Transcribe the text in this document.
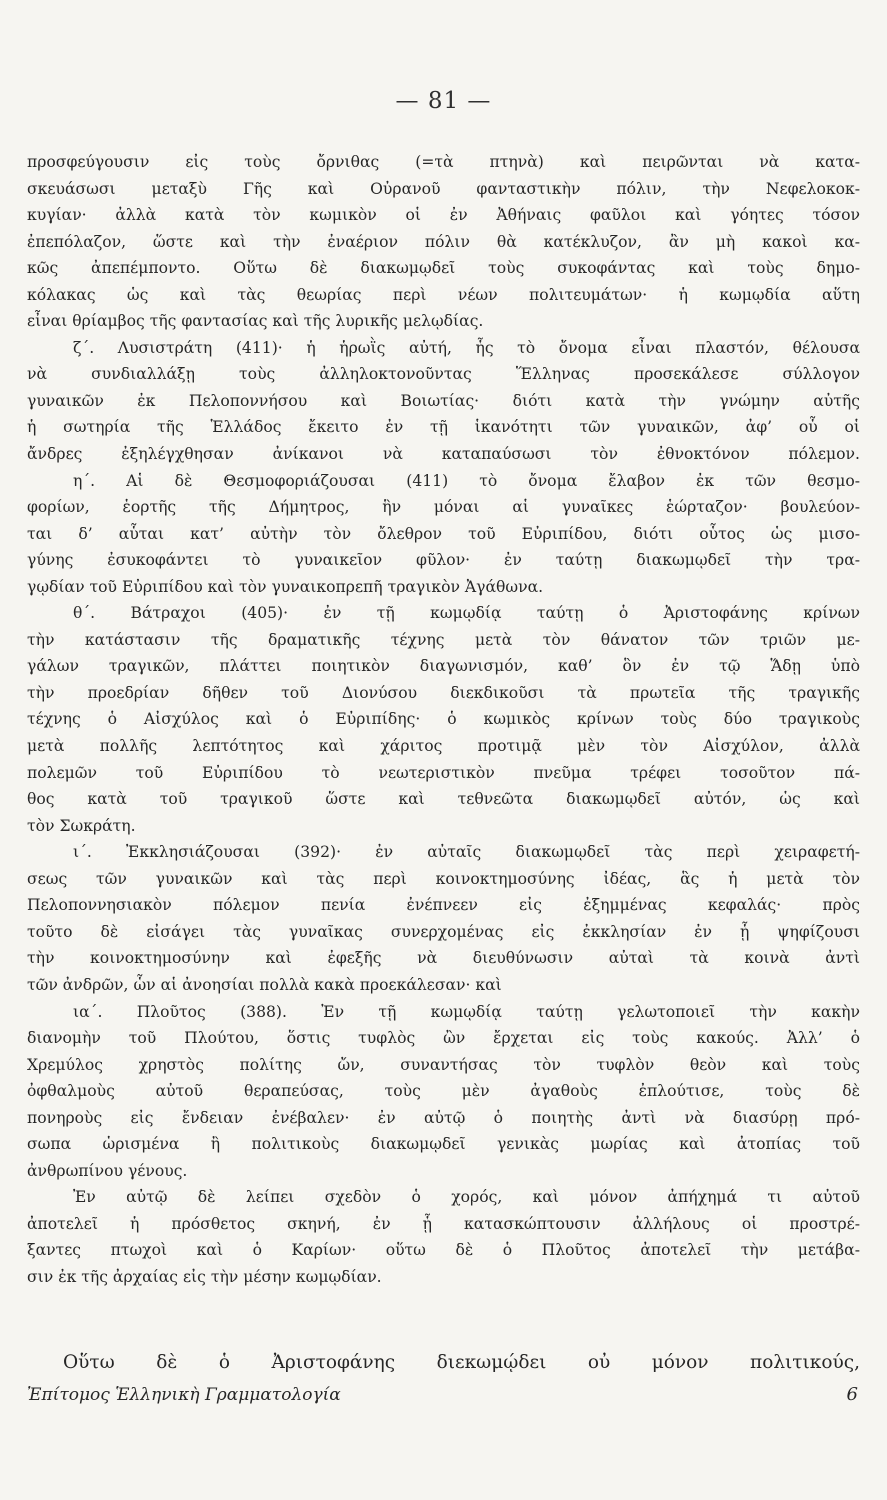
— 81 —
προσφεύγουσιν εἰς τοὺς ὄρνιθας (=τὰ πτηνὰ) καὶ πειρῶνται νὰ κατα-
σκευάσωσι μεταξὺ Γῆς καὶ Οὐρανοῦ φανταστικὴν πόλιν, τὴν Νεφελοκοκ-
κυγίαν· ἀλλὰ κατὰ τὸν κωμικὸν οἱ ἐν Ἀθήναις φαῦλοι καὶ γόητες τόσον
ἐπεπόλαζον, ὥστε καὶ τὴν ἐναέριον πόλιν θὰ κατέκλυζον, ἂν μὴ κακοὶ κα-
κῶς ἀπεπέμποντο. Οὕτω δὲ διακωμῳδεῖ τοὺς συκοφάντας καὶ τοὺς δημο-
κόλακας ὡς καὶ τὰς θεωρίας περὶ νέων πολιτευμάτων· ἡ κωμῳδία αὕτη
εἶναι θρίαμβος τῆς φαντασίας καὶ τῆς λυρικῆς μελῳδίας.
ζ΄. Λυσιστράτη (411)· ἡ ἡρωῒς αὐτή, ἧς τὸ ὄνομα εἶναι πλαστόν, θέλουσα
νὰ συνδιαλλάξῃ τοὺς ἀλληλοκτονοῦντας Ἕλληνας προσεκάλεσε σύλλογον
γυναικῶν ἐκ Πελοποννήσου καὶ Βοιωτίας· διότι κατὰ τὴν γνώμην αὐτῆς
ἡ σωτηρία τῆς Ἑλλάδος ἔκειτο ἐν τῇ ἱκανότητι τῶν γυναικῶν, ἀφ’ οὗ οἱ
ἄνδρες ἐξηλέγχθησαν ἀνίκανοι νὰ καταπαύσωσι τὸν ἐθνοκτόνον πόλεμον.
η΄. Αἱ δὲ Θεσμοφοριάζουσαι (411) τὸ ὄνομα ἔλαβον ἐκ τῶν θεσμο-
φορίων, ἑορτῆς τῆς Δήμητρος, ἣν μόναι αἱ γυναῖκες ἑώρταζον· βουλεύον-
ται δ’ αὗται κατ’ αὐτὴν τὸν ὄλεθρον τοῦ Εὐριπίδου, διότι οὗτος ὡς μισο-
γύνης ἐσυκοφάντει τὸ γυναικεῖον φῦλον· ἐν ταύτῃ διακωμῳδεῖ τὴν τρα-
γῳδίαν τοῦ Εὐριπίδου καὶ τὸν γυναικοπρεπῆ τραγικὸν Ἀγάθωνα.
θ΄. Βάτραχοι (405)· ἐν τῇ κωμῳδίᾳ ταύτῃ ὁ Ἀριστοφάνης κρίνων
τὴν κατάστασιν τῆς δραματικῆς τέχνης μετὰ τὸν θάνατον τῶν τριῶν με-
γάλων τραγικῶν, πλάττει ποιητικὸν διαγωνισμόν, καθ’ ὃν ἐν τῷ Ἅδῃ ὑπὸ
τὴν προεδρίαν δῆθεν τοῦ Διονύσου διεκδικοῦσι τὰ πρωτεῖα τῆς τραγικῆς
τέχνης ὁ Αἰσχύλος καὶ ὁ Εὐριπίδης· ὁ κωμικὸς κρίνων τοὺς δύο τραγικοὺς
μετὰ πολλῆς λεπτότητος καὶ χάριτος προτιμᾷ μὲν τὸν Αἰσχύλον, ἀλλὰ
πολεμῶν τοῦ Εὐριπίδου τὸ νεωτεριστικὸν πνεῦμα τρέφει τοσοῦτον πά-
θος κατὰ τοῦ τραγικοῦ ὥστε καὶ τεθνεῶτα διακωμῳδεῖ αὐτόν, ὡς καὶ
τὸν Σωκράτη.
ι΄. Ἐκκλησιάζουσαι (392)· ἐν αὐταῖς διακωμῳδεῖ τὰς περὶ χειραφετή-
σεως τῶν γυναικῶν καὶ τὰς περὶ κοινοκτημοσύνης ἰδέας, ἃς ἡ μετὰ τὸν
Πελοποννησιακὸν πόλεμον πενία ἐνέπνεεν εἰς ἐξημμένας κεφαλάς· πρὸς
τοῦτο δὲ εἰσάγει τὰς γυναῖκας συνερχομένας εἰς ἐκκλησίαν ἐν ᾗ ψηφίζουσι
τὴν κοινοκτημοσύνην καὶ ἐφεξῆς νὰ διευθύνωσιν αὐταὶ τὰ κοινὰ ἀντὶ
τῶν ἀνδρῶν, ὧν αἱ ἀνοησίαι πολλὰ κακὰ προεκάλεσαν· καὶ
ια΄. Πλοῦτος (388). Ἐν τῇ κωμῳδίᾳ ταύτῃ γελωτοποιεῖ τὴν κακὴν
διανομὴν τοῦ Πλούτου, ὅστις τυφλὸς ὢν ἔρχεται εἰς τοὺς κακούς. Ἀλλ’ ὁ
Χρεμύλος χρηστὸς πολίτης ὤν, συναντήσας τὸν τυφλὸν θεὸν καὶ τοὺς
ὀφθαλμοὺς αὐτοῦ θεραπεύσας, τοὺς μὲν ἀγαθοὺς ἐπλούτισε, τοὺς δὲ
πονηροὺς εἰς ἔνδειαν ἐνέβαλεν· ἐν αὐτῷ ὁ ποιητὴς ἀντὶ νὰ διασύρῃ πρό-
σωπα ὡρισμένα ἢ πολιτικοὺς διακωμῳδεῖ γενικὰς μωρίας καὶ ἀτοπίας τοῦ
ἀνθρωπίνου γένους.
Ἐν αὐτῷ δὲ λείπει σχεδὸν ὁ χορός, καὶ μόνον ἀπήχημά τι αὐτοῦ
ἀποτελεῖ ἡ πρόσθετος σκηνή, ἐν ᾗ κατασκώπτουσιν ἀλλήλους οἱ προστρέ-
ξαντες πτωχοὶ καὶ ὁ Καρίων· οὕτω δὲ ὁ Πλοῦτος ἀποτελεῖ τὴν μετάβα-
σιν ἐκ τῆς ἀρχαίας εἰς τὴν μέσην κωμῳδίαν.
Οὕτω δὲ ὁ Ἀριστοφάνης διεκωμῴδει οὐ μόνον πολιτικούς,
Ἐπίτομος Ἑλληνικὴ Γραμματολογία	6
